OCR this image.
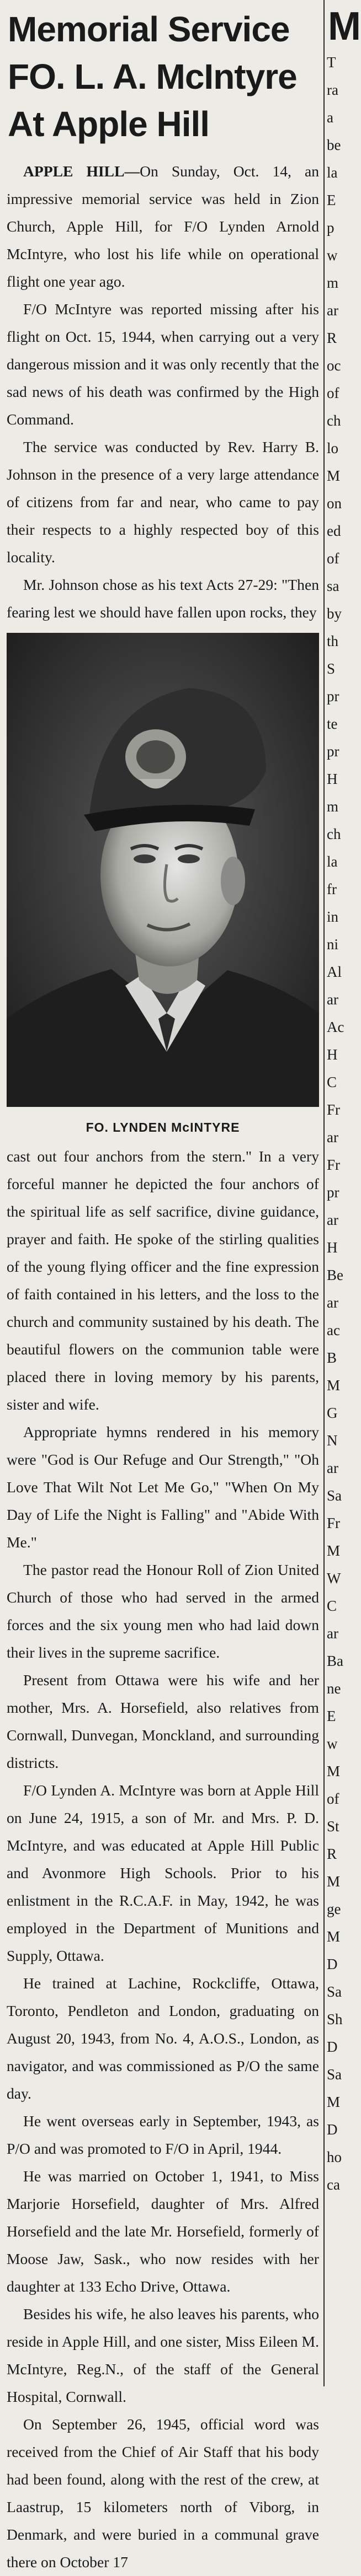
Memorial Service
FO. L. A. McIntyre
At Apple Hill

APPLE HILL—On Sunday, Oct. 14, an impressive memorial service was held in Zion Church, Apple Hill, for F/O Lynden Arnold McIntyre, who lost his life while on operational flight one year ago.

F/O McIntyre was reported missing after his flight on Oct. 15, 1944, when carrying out a very dangerous mission and it was only recently that the sad news of his death was confirmed by the High Command.

The service was conducted by Rev. Harry B. Johnson in the presence of a very large attendance of citizens from far and near, who came to pay their respects to a highly respected boy of this locality.

Mr. Johnson chose as his text Acts 27-29: "Then fearing lest we should have fallen upon rocks, they

FO. LYNDEN McINTYRE

cast out four anchors from the stern." In a very forceful manner he depicted the four anchors of the spiritual life as self sacrifice, divine guidance, prayer and faith. He spoke of the stirling qualities of the young flying officer and the fine expression of faith contained in his letters, and the loss to the church and community sustained by his death. The beautiful flowers on the communion table were placed there in loving memory by his parents, sister and wife.

Appropriate hymns rendered in his memory were "God is Our Refuge and Our Strength," "Oh Love That Wilt Not Let Me Go," "When On My Day of Life the Night is Falling" and "Abide With Me."

The pastor read the Honour Roll of Zion United Church of those who had served in the armed forces and the six young men who had laid down their lives in the supreme sacrifice.

Present from Ottawa were his wife and her mother, Mrs. A. Horsefield, also relatives from Cornwall, Dunvegan, Monckland, and surrounding districts.

F/O Lynden A. McIntyre was born at Apple Hill on June 24, 1915, a son of Mr. and Mrs. P. D. McIntyre, and was educated at Apple Hill Public and Avonmore High Schools. Prior to his enlistment in the R.C.A.F. in May, 1942, he was employed in the Department of Munitions and Supply, Ottawa.

He trained at Lachine, Rockcliffe, Ottawa, Toronto, Pendleton and London, graduating on August 20, 1943, from No. 4, A.O.S., London, as navigator, and was commissioned as P/O the same day.

He went overseas early in September, 1943, as P/O and was promoted to F/O in April, 1944.

He was married on October 1, 1941, to Miss Marjorie Horsefield, daughter of Mrs. Alfred Horsefield and the late Mr. Horsefield, formerly of Moose Jaw, Sask., who now resides with her daughter at 133 Echo Drive, Ottawa.

Besides his wife, he also leaves his parents, who reside in Apple Hill, and one sister, Miss Eileen M. McIntyre, Reg.N., of the staff of the General Hospital, Cornwall.

On September 26, 1945, official word was received from the Chief of Air Staff that his body had been found, along with the rest of the crew, at Laastrup, 15 kilometers north of Viborg, in Denmark, and were buried in a communal grave there on October 17

M
T
ra
a
be
la
E
p
w
m
ar
R
oc
of
ch
lo
M
on
ed
of
sa
by
th
S
pr
te
pr
H
m
ch
la
fr
in
ni
Al
ar
Ac
H
C
Fr
ar
Fr
pr
ar
H
Be
ar
ac
B
M
G
N
ar
Sa
Fr
M
W
C
ar
Ba
ne
E
w
M
of
St
R
M
ge
M
D
Sa
Sh
D
Sa
M
D
ho
ca
